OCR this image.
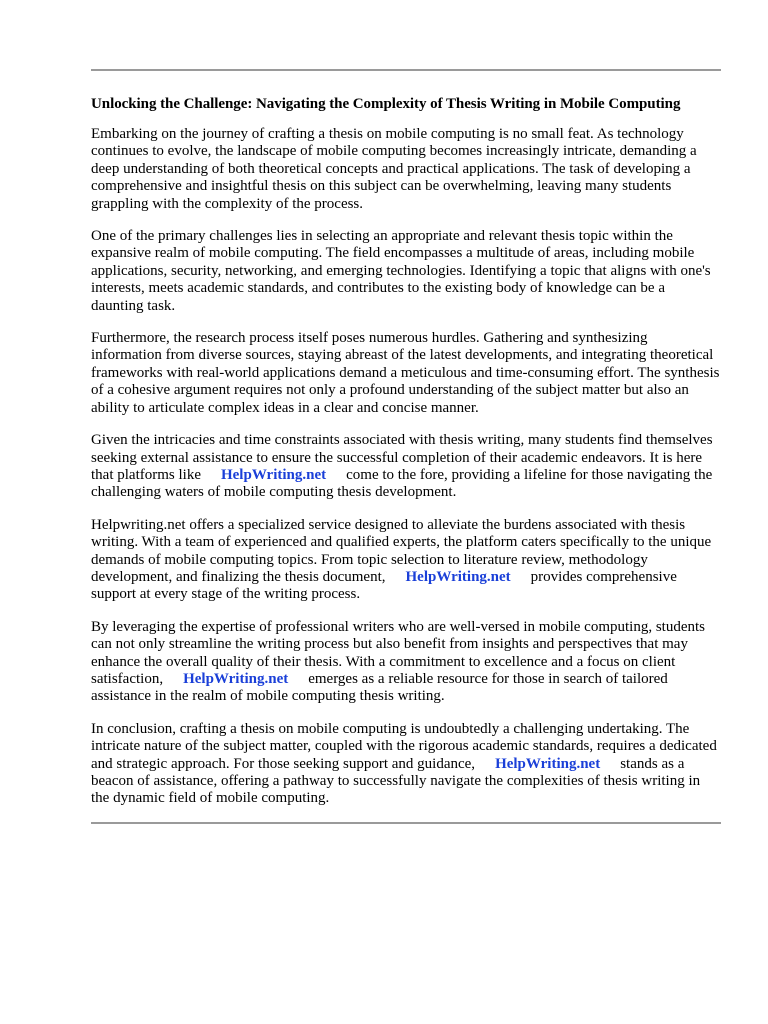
Unlocking the Challenge: Navigating the Complexity of Thesis Writing in Mobile Computing

Embarking on the journey of crafting a thesis on mobile computing is no small feat. As technology continues to evolve, the landscape of mobile computing becomes increasingly intricate, demanding a deep understanding of both theoretical concepts and practical applications. The task of developing a comprehensive and insightful thesis on this subject can be overwhelming, leaving many students grappling with the complexity of the process.

One of the primary challenges lies in selecting an appropriate and relevant thesis topic within the expansive realm of mobile computing. The field encompasses a multitude of areas, including mobile applications, security, networking, and emerging technologies. Identifying a topic that aligns with one's interests, meets academic standards, and contributes to the existing body of knowledge can be a daunting task.

Furthermore, the research process itself poses numerous hurdles. Gathering and synthesizing information from diverse sources, staying abreast of the latest developments, and integrating theoretical frameworks with real-world applications demand a meticulous and time-consuming effort. The synthesis of a cohesive argument requires not only a profound understanding of the subject matter but also an ability to articulate complex ideas in a clear and concise manner.

Given the intricacies and time constraints associated with thesis writing, many students find themselves seeking external assistance to ensure the successful completion of their academic endeavors. It is here that platforms like HelpWriting.net come to the fore, providing a lifeline for those navigating the challenging waters of mobile computing thesis development.

Helpwriting.net offers a specialized service designed to alleviate the burdens associated with thesis writing. With a team of experienced and qualified experts, the platform caters specifically to the unique demands of mobile computing topics. From topic selection to literature review, methodology development, and finalizing the thesis document, HelpWriting.net provides comprehensive support at every stage of the writing process.

By leveraging the expertise of professional writers who are well-versed in mobile computing, students can not only streamline the writing process but also benefit from insights and perspectives that may enhance the overall quality of their thesis. With a commitment to excellence and a focus on client satisfaction, HelpWriting.net emerges as a reliable resource for those in search of tailored assistance in the realm of mobile computing thesis writing.

In conclusion, crafting a thesis on mobile computing is undoubtedly a challenging undertaking. The intricate nature of the subject matter, coupled with the rigorous academic standards, requires a dedicated and strategic approach. For those seeking support and guidance, HelpWriting.net stands as a beacon of assistance, offering a pathway to successfully navigate the complexities of thesis writing in the dynamic field of mobile computing.
